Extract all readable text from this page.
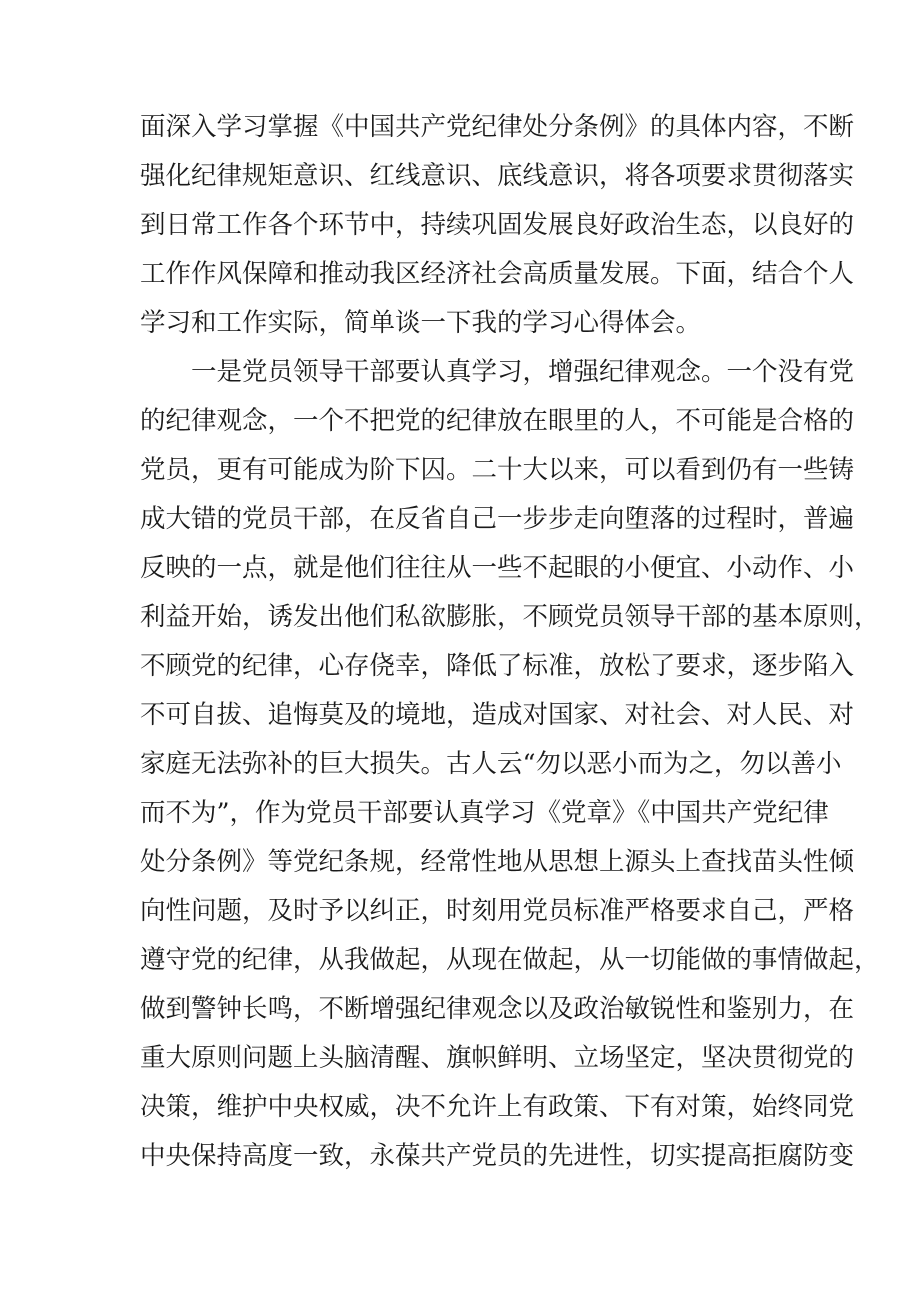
面深入学习掌握《中国共产党纪律处分条例》的具体内容，不断
强化纪律规矩意识、红线意识、底线意识，将各项要求贯彻落实
到日常工作各个环节中，持续巩固发展良好政治生态，以良好的
工作作风保障和推动我区经济社会高质量发展。下面，结合个人
学习和工作实际，简单谈一下我的学习心得体会。
一是党员领导干部要认真学习，增强纪律观念。一个没有党
的纪律观念，一个不把党的纪律放在眼里的人，不可能是合格的
党员，更有可能成为阶下囚。二十大以来，可以看到仍有一些铸
成大错的党员干部，在反省自己一步步走向堕落的过程时，普遍
反映的一点，就是他们往往从一些不起眼的小便宜、小动作、小
利益开始，诱发出他们私欲膨胀，不顾党员领导干部的基本原则，
不顾党的纪律，心存侥幸，降低了标准，放松了要求，逐步陷入
不可自拔、追悔莫及的境地，造成对国家、对社会、对人民、对
家庭无法弥补的巨大损失。古人云“勿以恶小而为之，勿以善小
而不为”，作为党员干部要认真学习《党章》《中国共产党纪律
处分条例》等党纪条规，经常性地从思想上源头上查找苗头性倾
向性问题，及时予以纠正，时刻用党员标准严格要求自己，严格
遵守党的纪律，从我做起，从现在做起，从一切能做的事情做起，
做到警钟长鸣，不断增强纪律观念以及政治敏锐性和鉴别力，在
重大原则问题上头脑清醒、旗帜鲜明、立场坚定，坚决贯彻党的
决策，维护中央权威，决不允许上有政策、下有对策，始终同党
中央保持高度一致，永葆共产党员的先进性，切实提高拒腐防变
